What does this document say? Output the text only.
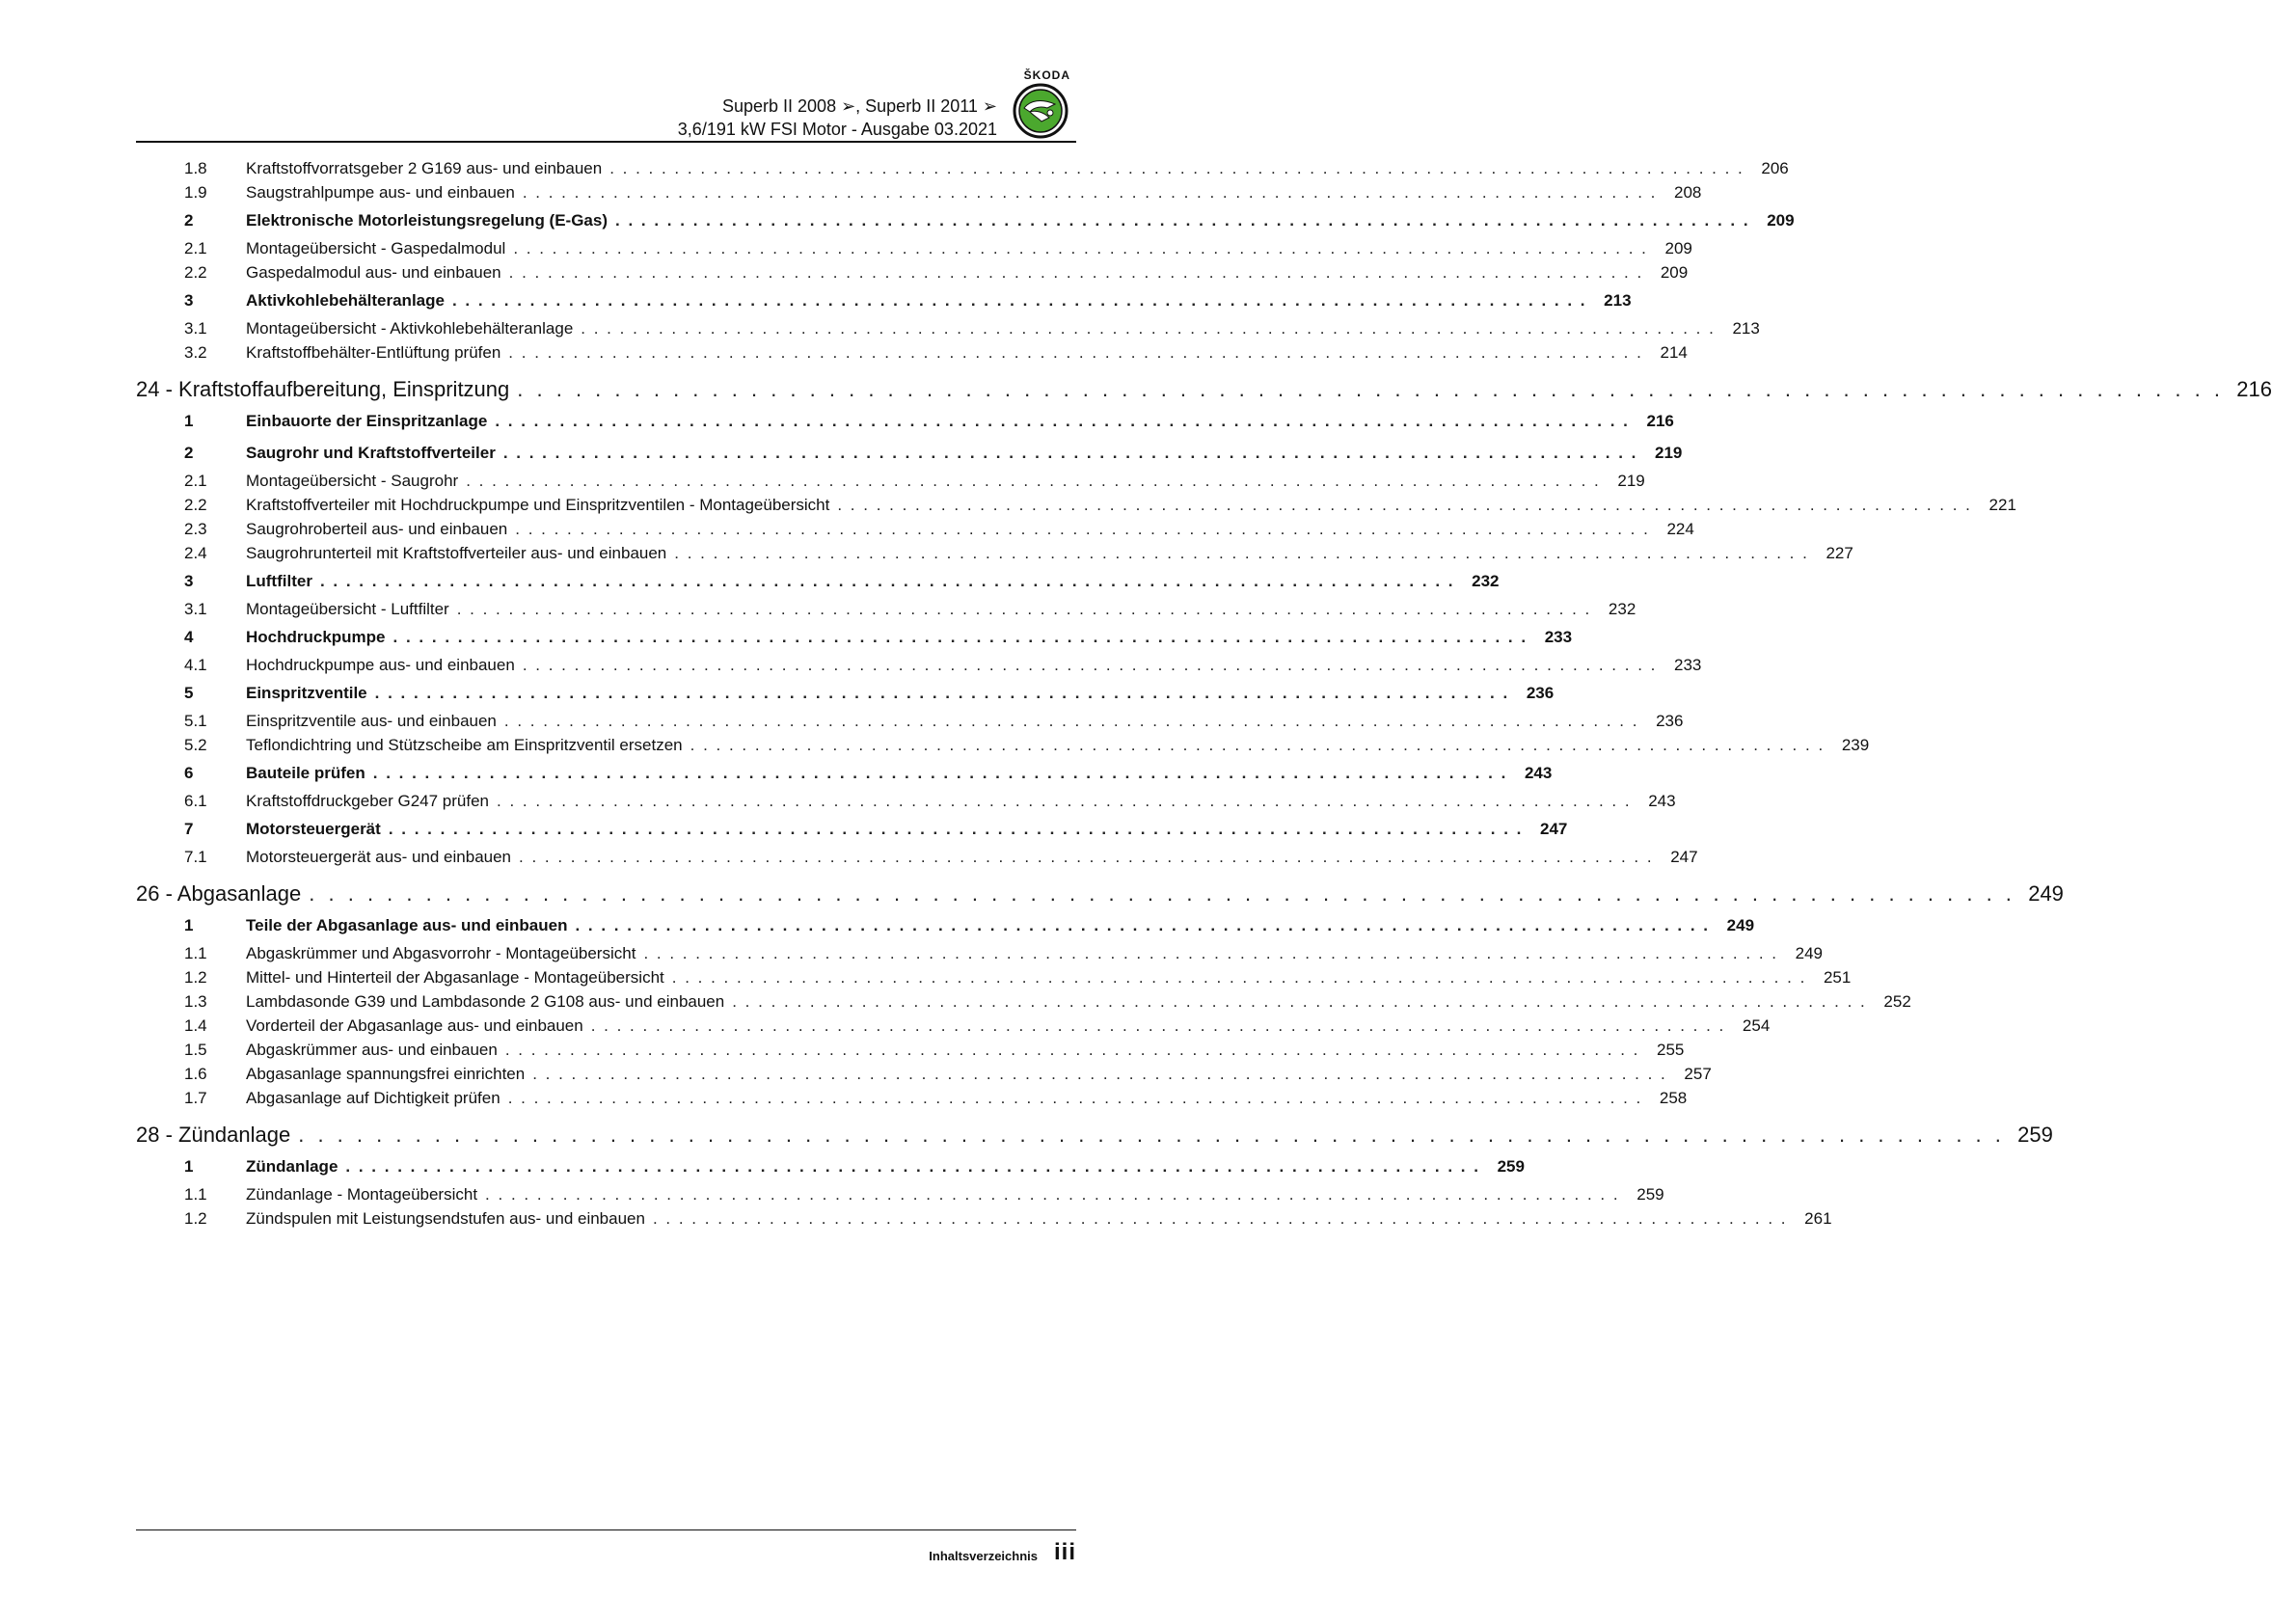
ŠKODA
Superb II 2008 ➢, Superb II 2011 ➢
3,6/191 kW FSI Motor - Ausgabe 03.2021
1.8	Kraftstoffvorratsgeber 2 G169 aus- und einbauen . . . . . . . . . . . . . . . . . . . . . . . . . . . . . . . . . . . . . . . . . . . . . . . . . . . . . . . . . . . . . . . . . . . . . . . . . . . . . . . . . . . . . . . .	206
1.9	Saugstrahlpumpe aus- und einbauen . . . . . . . . . . . . . . . . . . . . . . . . . . . . . . . . . . . . . . . . . . . . . . . . . . . . . . . . . . . . . . . . . . . . . . . . . . . . . . . . . . . . . . . .	208
2	Elektronische Motorleistungsregelung (E-Gas) . . . . . . . . . . . . . . . . . . . . . . . . . . . . . . . . . . . . . . . . . . . . . . . . . . . . . . . . . . . . . . . . . . . . . . . . . . . . . . . . . . . . . . . .	209
2.1	Montageübersicht - Gaspedalmodul . . . . . . . . . . . . . . . . . . . . . . . . . . . . . . . . . . . . . . . . . . . . . . . . . . . . . . . . . . . . . . . . . . . . . . . . . . . . . . . . . . . . . . . .	209
2.2	Gaspedalmodul aus- und einbauen . . . . . . . . . . . . . . . . . . . . . . . . . . . . . . . . . . . . . . . . . . . . . . . . . . . . . . . . . . . . . . . . . . . . . . . . . . . . . . . . . . . . . . . .	209
3	Aktivkohlebehälteranlage . . . . . . . . . . . . . . . . . . . . . . . . . . . . . . . . . . . . . . . . . . . . . . . . . . . . . . . . . . . . . . . . . . . . . . . . . . . . . . . . . . . . . . . .	213
3.1	Montageübersicht - Aktivkohlebehälteranlage . . . . . . . . . . . . . . . . . . . . . . . . . . . . . . . . . . . . . . . . . . . . . . . . . . . . . . . . . . . . . . . . . . . . . . . . . . . . . . . . . . . . . . . .	213
3.2	Kraftstoffbehälter-Entlüftung prüfen . . . . . . . . . . . . . . . . . . . . . . . . . . . . . . . . . . . . . . . . . . . . . . . . . . . . . . . . . . . . . . . . . . . . . . . . . . . . . . . . . . . . . . . .	214
24 - Kraftstoffaufbereitung, Einspritzung . . . . . . . . . . . . . . . . . . . . . . . . . . . . . . . . . . . . . . . . . . . . . . . . . . . . . . . . . . . . . . . . . . . . . . . . . . . . . . . . . . . . . . . . 216
1	Einbauorte der Einspritzanlage . . . . . . . . . . . . . . . . . . . . . . . . . . . . . . . . . . . . . . . . . . . . . . . . . . . . . . . . . . . . . . . . . . . . . . . . . . . . . . . . . . . . . . . .	216
2	Saugrohr und Kraftstoffverteiler . . . . . . . . . . . . . . . . . . . . . . . . . . . . . . . . . . . . . . . . . . . . . . . . . . . . . . . . . . . . . . . . . . . . . . . . . . . . . . . . . . . . . . . .	219
2.1	Montageübersicht - Saugrohr . . . . . . . . . . . . . . . . . . . . . . . . . . . . . . . . . . . . . . . . . . . . . . . . . . . . . . . . . . . . . . . . . . . . . . . . . . . . . . . . . . . . . . . .	219
2.2	Kraftstoffverteiler mit Hochdruckpumpe und Einspritzventilen - Montageübersicht . . . . . . . . . . . . . . . . . . . . . . . . . . . . . . . . . . . . . . . . . . . . . . . . . . . . . . . . . . . . . . . . . . . . . . . . . . . . . . . . . . . . . . . .	221
2.3	Saugrohroberteil aus- und einbauen . . . . . . . . . . . . . . . . . . . . . . . . . . . . . . . . . . . . . . . . . . . . . . . . . . . . . . . . . . . . . . . . . . . . . . . . . . . . . . . . . . . . . . . .	224
2.4	Saugrohrunterteil mit Kraftstoffverteiler aus- und einbauen . . . . . . . . . . . . . . . . . . . . . . . . . . . . . . . . . . . . . . . . . . . . . . . . . . . . . . . . . . . . . . . . . . . . . . . . . . . . . . . . . . . . . . . .	227
3	Luftfilter . . . . . . . . . . . . . . . . . . . . . . . . . . . . . . . . . . . . . . . . . . . . . . . . . . . . . . . . . . . . . . . . . . . . . . . . . . . . . . . . . . . . . . . .	232
3.1	Montageübersicht - Luftfilter . . . . . . . . . . . . . . . . . . . . . . . . . . . . . . . . . . . . . . . . . . . . . . . . . . . . . . . . . . . . . . . . . . . . . . . . . . . . . . . . . . . . . . . .	232
4	Hochdruckpumpe . . . . . . . . . . . . . . . . . . . . . . . . . . . . . . . . . . . . . . . . . . . . . . . . . . . . . . . . . . . . . . . . . . . . . . . . . . . . . . . . . . . . . . . .	233
4.1	Hochdruckpumpe aus- und einbauen . . . . . . . . . . . . . . . . . . . . . . . . . . . . . . . . . . . . . . . . . . . . . . . . . . . . . . . . . . . . . . . . . . . . . . . . . . . . . . . . . . . . . . . .	233
5	Einspritzventile . . . . . . . . . . . . . . . . . . . . . . . . . . . . . . . . . . . . . . . . . . . . . . . . . . . . . . . . . . . . . . . . . . . . . . . . . . . . . . . . . . . . . . . .	236
5.1	Einspritzventile aus- und einbauen . . . . . . . . . . . . . . . . . . . . . . . . . . . . . . . . . . . . . . . . . . . . . . . . . . . . . . . . . . . . . . . . . . . . . . . . . . . . . . . . . . . . . . . .	236
5.2	Teflondichtring und Stützscheibe am Einspritzventil ersetzen . . . . . . . . . . . . . . . . . . . . . . . . . . . . . . . . . . . . . . . . . . . . . . . . . . . . . . . . . . . . . . . . . . . . . . . . . . . . . . . . . . . . . . . .	239
6	Bauteile prüfen . . . . . . . . . . . . . . . . . . . . . . . . . . . . . . . . . . . . . . . . . . . . . . . . . . . . . . . . . . . . . . . . . . . . . . . . . . . . . . . . . . . . . . . .	243
6.1	Kraftstoffdruckgeber G247 prüfen . . . . . . . . . . . . . . . . . . . . . . . . . . . . . . . . . . . . . . . . . . . . . . . . . . . . . . . . . . . . . . . . . . . . . . . . . . . . . . . . . . . . . . . .	243
7	Motorsteuergerät . . . . . . . . . . . . . . . . . . . . . . . . . . . . . . . . . . . . . . . . . . . . . . . . . . . . . . . . . . . . . . . . . . . . . . . . . . . . . . . . . . . . . . . .	247
7.1	Motorsteuergerät aus- und einbauen . . . . . . . . . . . . . . . . . . . . . . . . . . . . . . . . . . . . . . . . . . . . . . . . . . . . . . . . . . . . . . . . . . . . . . . . . . . . . . . . . . . . . . . .	247
26 - Abgasanlage . . . . . . . . . . . . . . . . . . . . . . . . . . . . . . . . . . . . . . . . . . . . . . . . . . . . . . . . . . . . . . . . . . . . . . . . . . . . . . . . . . . . . . . . 249
1	Teile der Abgasanlage aus- und einbauen . . . . . . . . . . . . . . . . . . . . . . . . . . . . . . . . . . . . . . . . . . . . . . . . . . . . . . . . . . . . . . . . . . . . . . . . . . . . . . . . . . . . . . . .	249
1.1	Abgaskrümmer und Abgasvorrohr - Montageübersicht . . . . . . . . . . . . . . . . . . . . . . . . . . . . . . . . . . . . . . . . . . . . . . . . . . . . . . . . . . . . . . . . . . . . . . . . . . . . . . . . . . . . . . . .	249
1.2	Mittel- und Hinterteil der Abgasanlage - Montageübersicht . . . . . . . . . . . . . . . . . . . . . . . . . . . . . . . . . . . . . . . . . . . . . . . . . . . . . . . . . . . . . . . . . . . . . . . . . . . . . . . . . . . . . . . .	251
1.3	Lambdasonde G39 und Lambdasonde 2 G108 aus- und einbauen . . . . . . . . . . . . . . . . . . . . . . . . . . . . . . . . . . . . . . . . . . . . . . . . . . . . . . . . . . . . . . . . . . . . . . . . . . . . . . . . . . . . . . . .	252
1.4	Vorderteil der Abgasanlage aus- und einbauen . . . . . . . . . . . . . . . . . . . . . . . . . . . . . . . . . . . . . . . . . . . . . . . . . . . . . . . . . . . . . . . . . . . . . . . . . . . . . . . . . . . . . . . .	254
1.5	Abgaskrümmer aus- und einbauen . . . . . . . . . . . . . . . . . . . . . . . . . . . . . . . . . . . . . . . . . . . . . . . . . . . . . . . . . . . . . . . . . . . . . . . . . . . . . . . . . . . . . . . .	255
1.6	Abgasanlage spannungsfrei einrichten . . . . . . . . . . . . . . . . . . . . . . . . . . . . . . . . . . . . . . . . . . . . . . . . . . . . . . . . . . . . . . . . . . . . . . . . . . . . . . . . . . . . . . . .	257
1.7	Abgasanlage auf Dichtigkeit prüfen . . . . . . . . . . . . . . . . . . . . . . . . . . . . . . . . . . . . . . . . . . . . . . . . . . . . . . . . . . . . . . . . . . . . . . . . . . . . . . . . . . . . . . . .	258
28 - Zündanlage . . . . . . . . . . . . . . . . . . . . . . . . . . . . . . . . . . . . . . . . . . . . . . . . . . . . . . . . . . . . . . . . . . . . . . . . . . . . . . . . . . . . . . . . 259
1	Zündanlage . . . . . . . . . . . . . . . . . . . . . . . . . . . . . . . . . . . . . . . . . . . . . . . . . . . . . . . . . . . . . . . . . . . . . . . . . . . . . . . . . . . . . . . .	259
1.1	Zündanlage - Montageübersicht . . . . . . . . . . . . . . . . . . . . . . . . . . . . . . . . . . . . . . . . . . . . . . . . . . . . . . . . . . . . . . . . . . . . . . . . . . . . . . . . . . . . . . . .	259
1.2	Zündspulen mit Leistungsendstufen aus- und einbauen . . . . . . . . . . . . . . . . . . . . . . . . . . . . . . . . . . . . . . . . . . . . . . . . . . . . . . . . . . . . . . . . . . . . . . . . . . . . . . . . . . . . . . . .	261
Inhaltsverzeichnis iii
